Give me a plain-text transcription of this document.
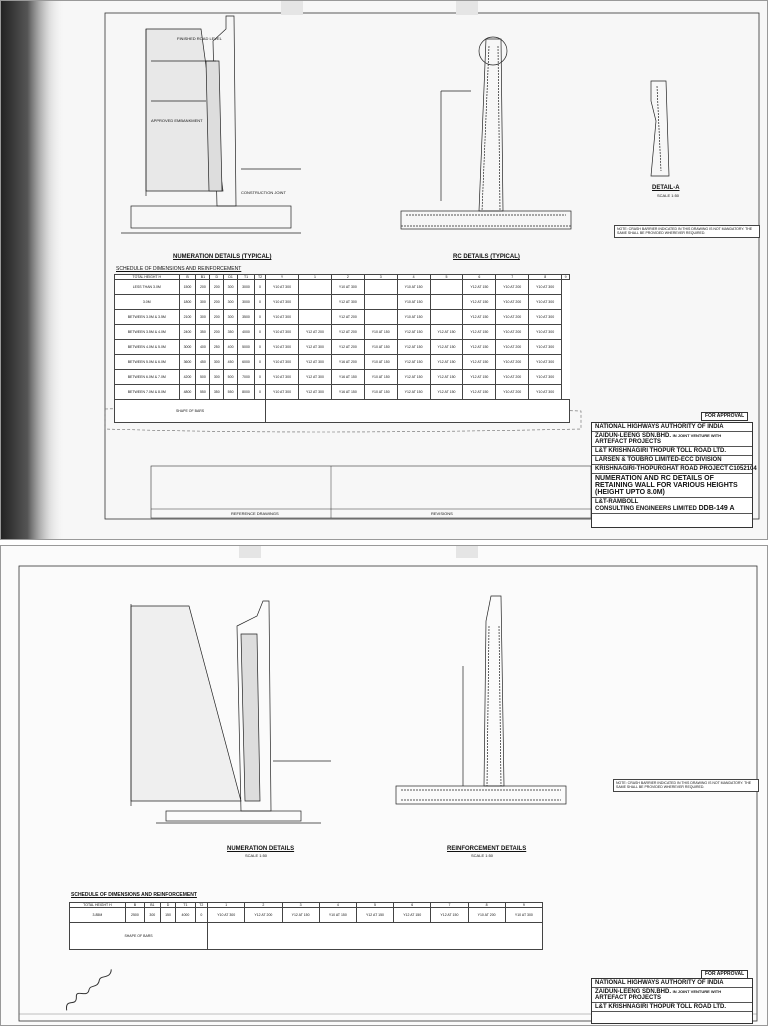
FINISHED ROAD LEVEL
APPROVED EMBANKMENT
CONSTRUCTION JOINT
NUMERATION DETAILS (TYPICAL)	RC DETAILS (TYPICAL)
DETAIL-A
SCALE 1:50
NOTE: CRASH BARRIER INDICATED IN THIS DRAWING IS NOT MANDATORY. THE SAME SHALL BE PROVIDED WHEREVER REQUIRED.
SCHEDULE OF DIMENSIONS AND REINFORCEMENT
TOTAL HEIGHT H	B	B1	D	D1	T1	T2	Y	1	2	3	4	5	6	7	8	9
LESS THAN 3.0M	1500	200	200	300	3000	0	Y10 AT 300		Y10 AT 300		Y10 AT 150		Y12 AT 150	Y10 AT 200	Y10 AT 300	
3.0M	1800	300	200	300	3000	0	Y10 AT 300		Y12 AT 300		Y10 AT 150		Y12 AT 150	Y10 AT 200	Y10 AT 300	
BETWEEN 3.0M & 3.5M	2100	300	200	300	3500	0	Y10 AT 300		Y12 AT 200		Y10 AT 150		Y12 AT 150	Y10 AT 200	Y10 AT 300	
BETWEEN 3.5M & 4.0M	2400	350	200	350	4000	0	Y10 AT 300	Y12 AT 200	Y12 AT 200	Y10 AT 150	Y12 AT 150	Y12 AT 150	Y12 AT 150	Y10 AT 200	Y10 AT 300	
BETWEEN 4.0M & 5.0M	3000	400	250	400	5000	0	Y10 AT 300	Y12 AT 300	Y12 AT 200	Y10 AT 150	Y12 AT 150	Y12 AT 150	Y12 AT 150	Y10 AT 200	Y10 AT 300	
BETWEEN 5.0M & 6.0M	3600	450	300	450	6000	0	Y10 AT 300	Y12 AT 300	Y16 AT 200	Y10 AT 150	Y12 AT 150	Y12 AT 150	Y12 AT 150	Y10 AT 200	Y10 AT 300	
BETWEEN 6.0M & 7.0M	4200	500	300	500	7000	0	Y10 AT 300	Y12 AT 300	Y16 AT 150	Y10 AT 150	Y12 AT 150	Y12 AT 150	Y12 AT 150	Y10 AT 200	Y10 AT 300	
BETWEEN 7.0M & 8.0M	4800	550	350	550	8000	0	Y10 AT 300	Y12 AT 300	Y16 AT 150	Y10 AT 150	Y12 AT 150	Y12 AT 150	Y12 AT 150	Y10 AT 200	Y10 AT 300	
SHAPE OF BARS																
FOR APPROVAL
NATIONAL HIGHWAYS AUTHORITY OF INDIA
ZAIDUN-LEENG SDN.BHD. IN JOINT VENTURE WITH
ARTEFACT PROJECTS
L&T KRISHNAGIRI THOPUR TOLL ROAD LTD.
LARSEN & TOUBRO LIMITED-ECC DIVISION
KRISHNAGIRI-THOPURGHAT ROAD PROJECT C1052104
NUMERATION AND RC DETAILS OF
RETAINING WALL FOR VARIOUS HEIGHTS
(HEIGHT UPTO 8.0M)
L&T-RAMBOLL
CONSULTING ENGINEERS LIMITED DDB-149 A
REVISIONS
REFERENCE DRAWINGS
NUMERATION DETAILS
SCALE 1:50
REINFORCEMENT DETAILS
SCALE 1:50
NOTE: CRASH BARRIER INDICATED IN THIS DRAWING IS NOT MANDATORY. THE SAME SHALL BE PROVIDED WHEREVER REQUIRED.
SCHEDULE OF DIMENSIONS AND REINFORCEMENT
TOTAL HEIGHT H	B	B1	D	T1	T2	1	2	3	4	5	6	7	8	9
3.85M	2500	300	150	4000	0	Y10 AT 300	Y12 AT 200	Y12 AT 150	Y10 AT 150	Y12 AT 150	Y12 AT 150	Y12 AT 150	Y10 AT 200	Y10 AT 300
SHAPE OF BARS														
FOR APPROVAL
NATIONAL HIGHWAYS AUTHORITY OF INDIA
ZAIDUN-LEENG SDN.BHD. IN JOINT VENTURE WITH
ARTEFACT PROJECTS
L&T KRISHNAGIRI THOPUR TOLL ROAD LTD.
